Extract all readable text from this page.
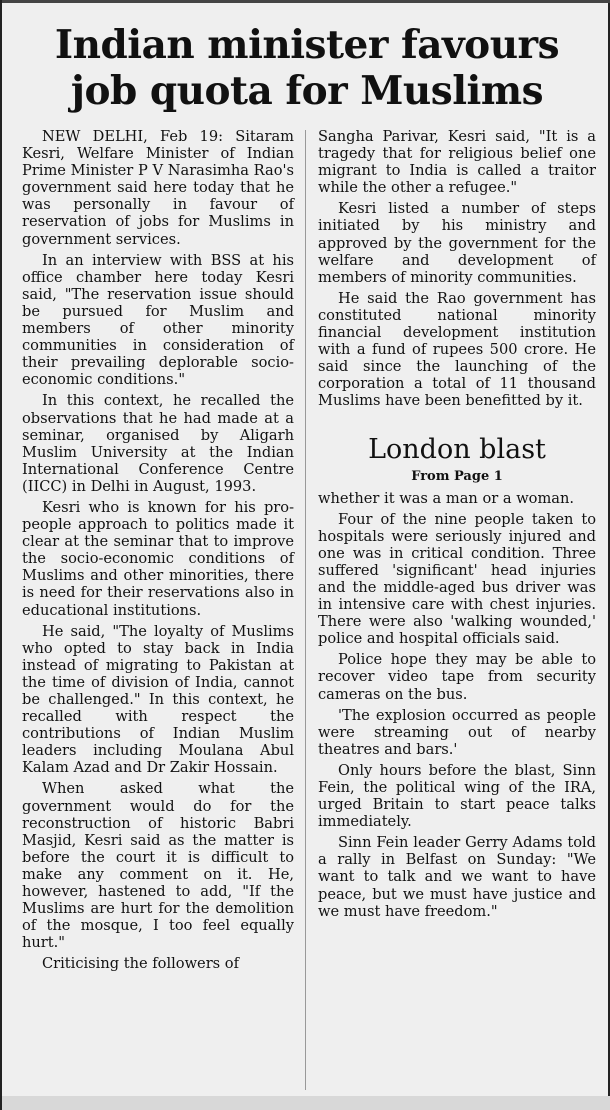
Indian minister favours job quota for Muslims

NEW DELHI, Feb 19: Sitaram Kesri, Welfare Minister of Indian Prime Minister P V Narasimha Rao's government said here today that he was personally in favour of reservation of jobs for Muslims in government services.

In an interview with BSS at his office chamber here today Kesri said, "The reservation issue should be pursued for Muslim and members of other minority communities in consideration of their prevailing deplorable socio-economic conditions."

In this context, he recalled the observations that he had made at a seminar, organised by Aligarh Muslim University at the Indian International Conference Centre (IICC) in Delhi in August, 1993.

Kesri who is known for his pro-people approach to politics made it clear at the seminar that to improve the socio-economic conditions of Muslims and other minorities, there is need for their reservations also in educational institutions.

He said, "The loyalty of Muslims who opted to stay back in India instead of migrating to Pakistan at the time of division of India, cannot be challenged." In this context, he recalled with respect the contributions of Indian Muslim leaders including Moulana Abul Kalam Azad and Dr Zakir Hossain.

When asked what the government would do for the reconstruction of historic Babri Masjid, Kesri said as the matter is before the court it is difficult to make any comment on it. He, however, hastened to add, "If the Muslims are hurt for the demolition of the mosque, I too feel equally hurt."

Criticising the followers of

Sangha Parivar, Kesri said, "It is a tragedy that for religious belief one migrant to India is called a traitor while the other a refugee."

Kesri listed a number of steps initiated by his ministry and approved by the government for the welfare and development of members of minority communities.

He said the Rao government has constituted national minority financial development institution with a fund of rupees 500 crore. He said since the launching of the corporation a total of 11 thousand Muslims have been benefitted by it.

London blast
From Page 1

whether it was a man or a woman.

Four of the nine people taken to hospitals were seriously injured and one was in critical condition. Three suffered 'significant' head injuries and the middle-aged bus driver was in intensive care with chest injuries. There were also 'walking wounded,' police and hospital officials said.

Police hope they may be able to recover video tape from security cameras on the bus.

'The explosion occurred as people were streaming out of nearby theatres and bars.'

Only hours before the blast, Sinn Fein, the political wing of the IRA, urged Britain to start peace talks immediately.

Sinn Fein leader Gerry Adams told a rally in Belfast on Sunday: "We want to talk and we want to have peace, but we must have justice and we must have freedom."
